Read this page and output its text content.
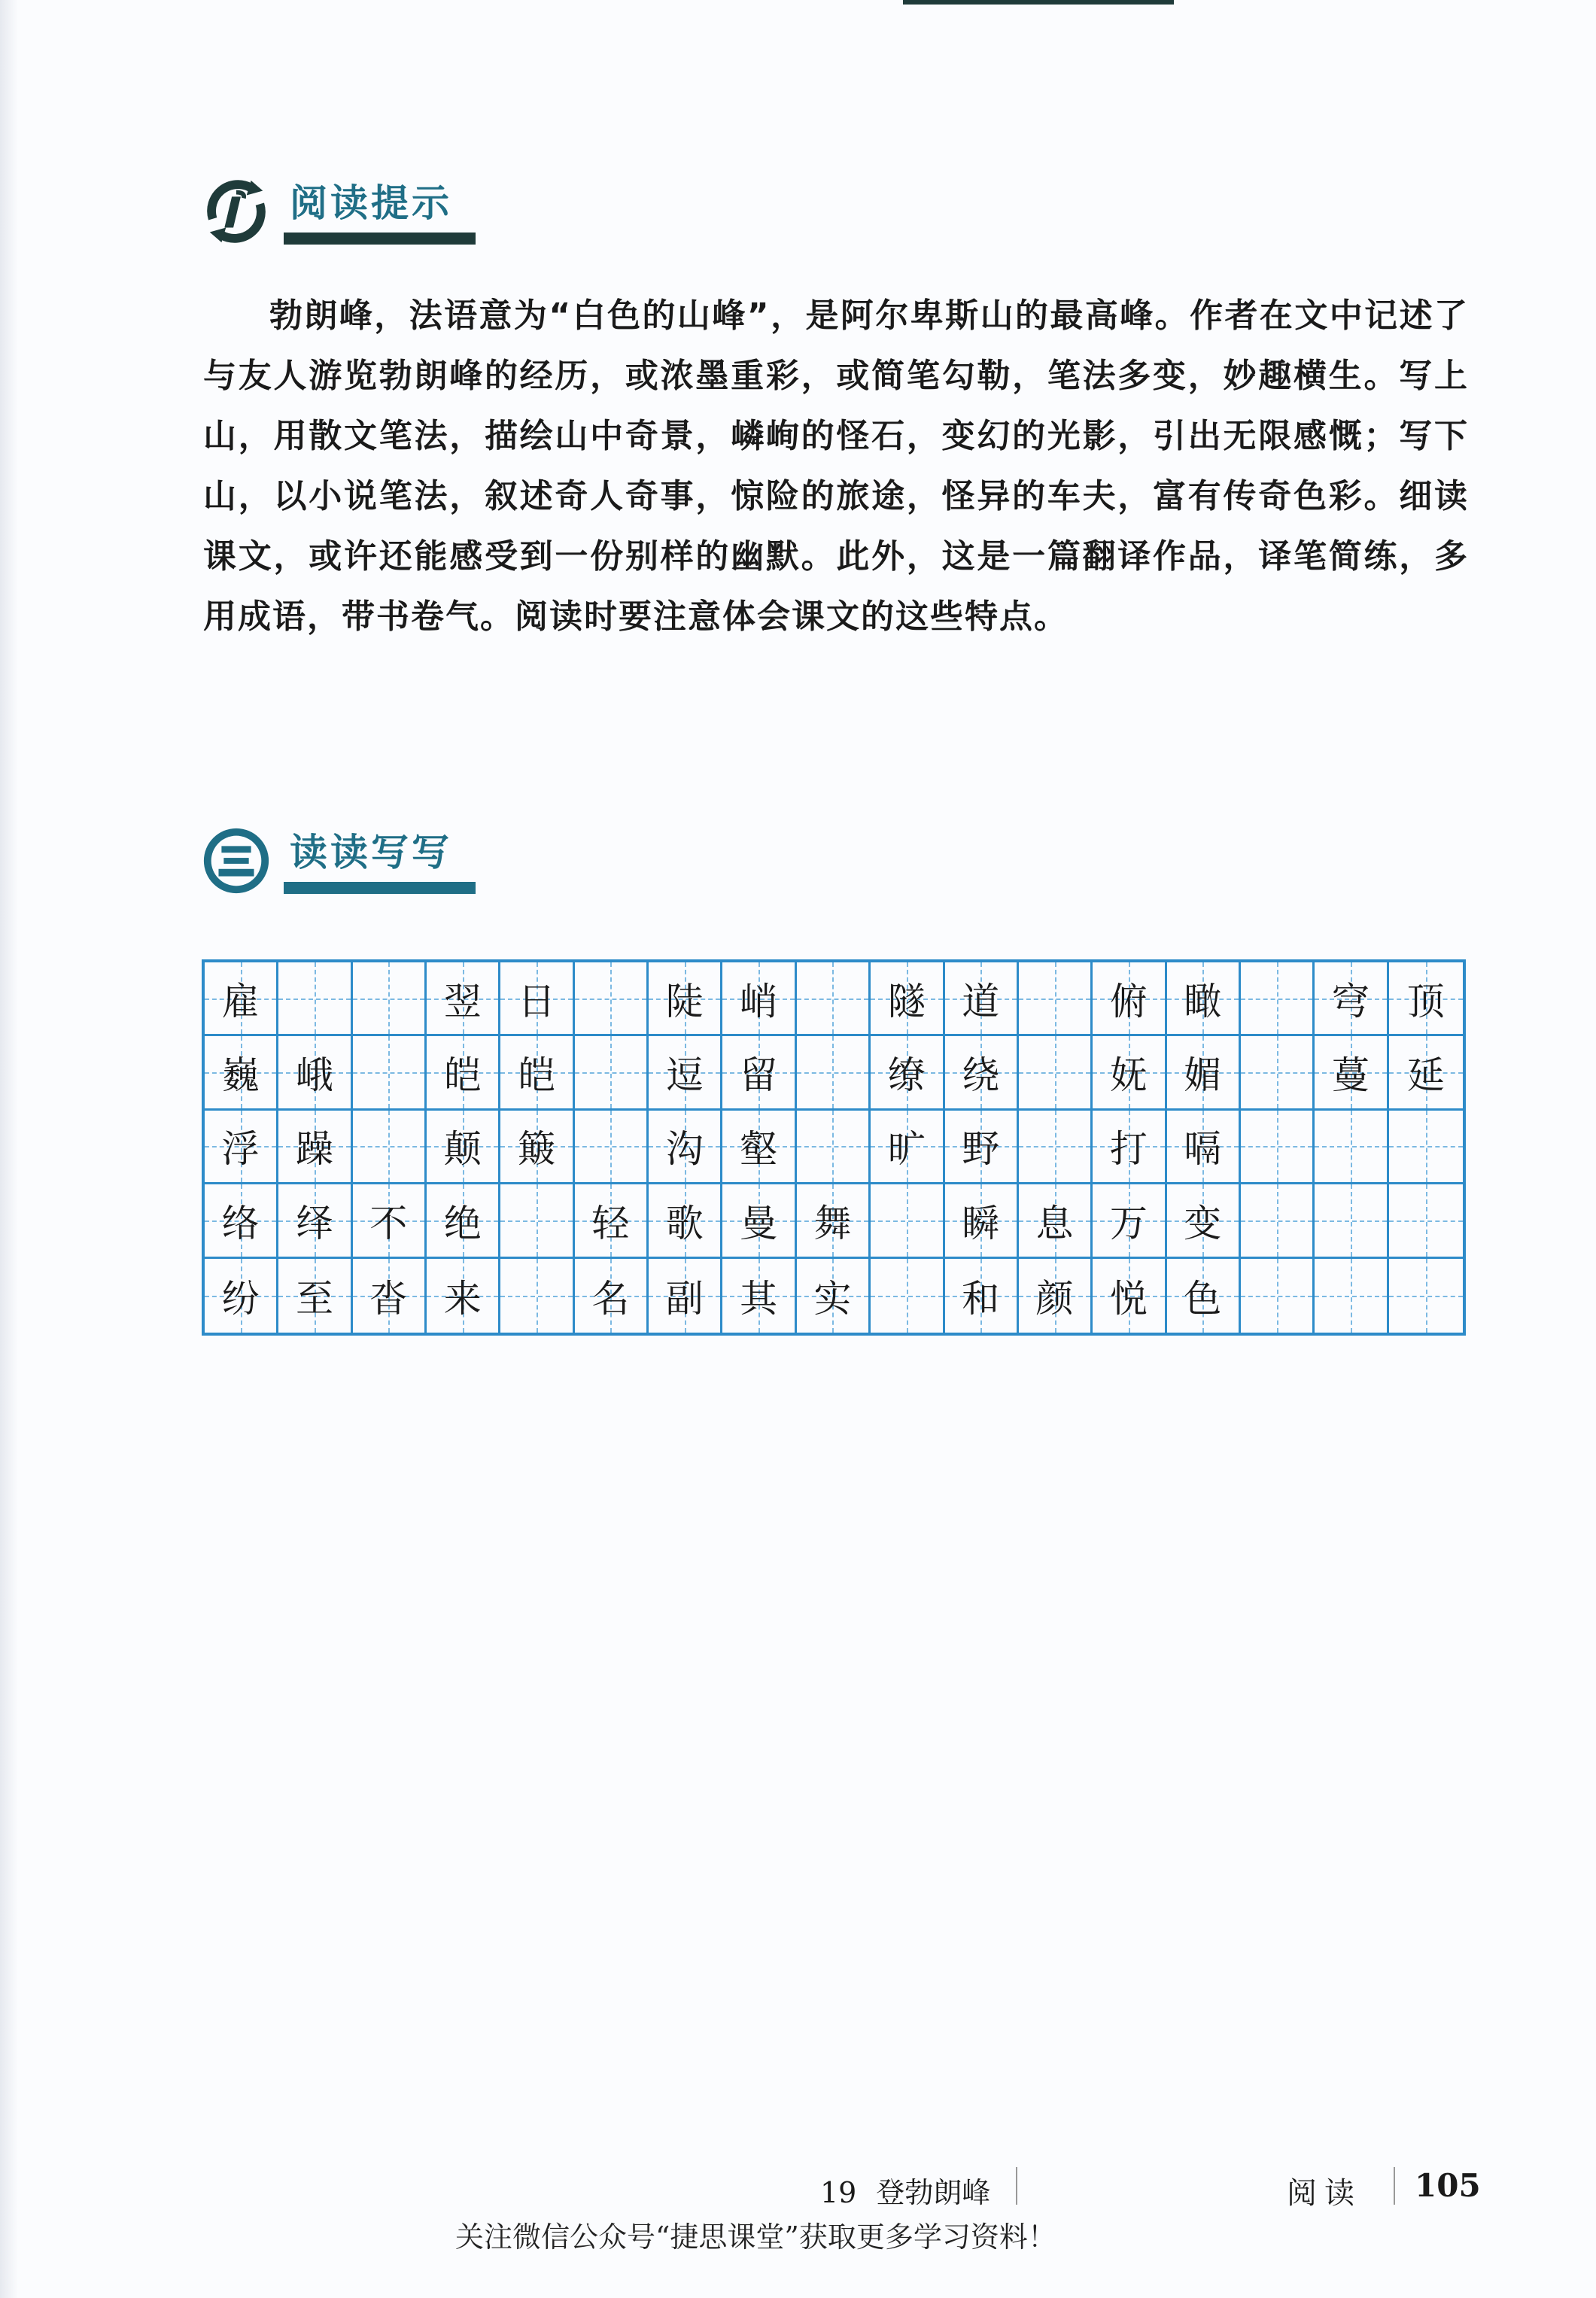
阅读提示
勃朗峰，法语意为“白色的山峰”，是阿尔卑斯山的最高峰。作者在文中记述了与友人游览勃朗峰的经历，或浓墨重彩，或简笔勾勒，笔法多变，妙趣横生。写上山，用散文笔法，描绘山中奇景，嶙峋的怪石，变幻的光影，引出无限感慨；写下山，以小说笔法，叙述奇人奇事，惊险的旅途，怪异的车夫，富有传奇色彩。细读课文，或许还能感受到一份别样的幽默。此外，这是一篇翻译作品，译笔简练，多用成语，带书卷气。阅读时要注意体会课文的这些特点。
读读写写
雇	翌 日	陡 峭	隧 道	俯 瞰	穹 顶
巍 峨	皑 皑	逗 留	缭 绕	妩 媚	蔓 延
浮 躁	颠 簸	沟 壑	旷 野	打 嗝
络 绎 不 绝	轻 歌 曼 舞	瞬 息 万 变
纷 至 沓 来	名 副 其 实	和 颜 悦 色
19 登勃朗峰	阅读 105
关注微信公众号“捷思课堂”获取更多学习资料！
